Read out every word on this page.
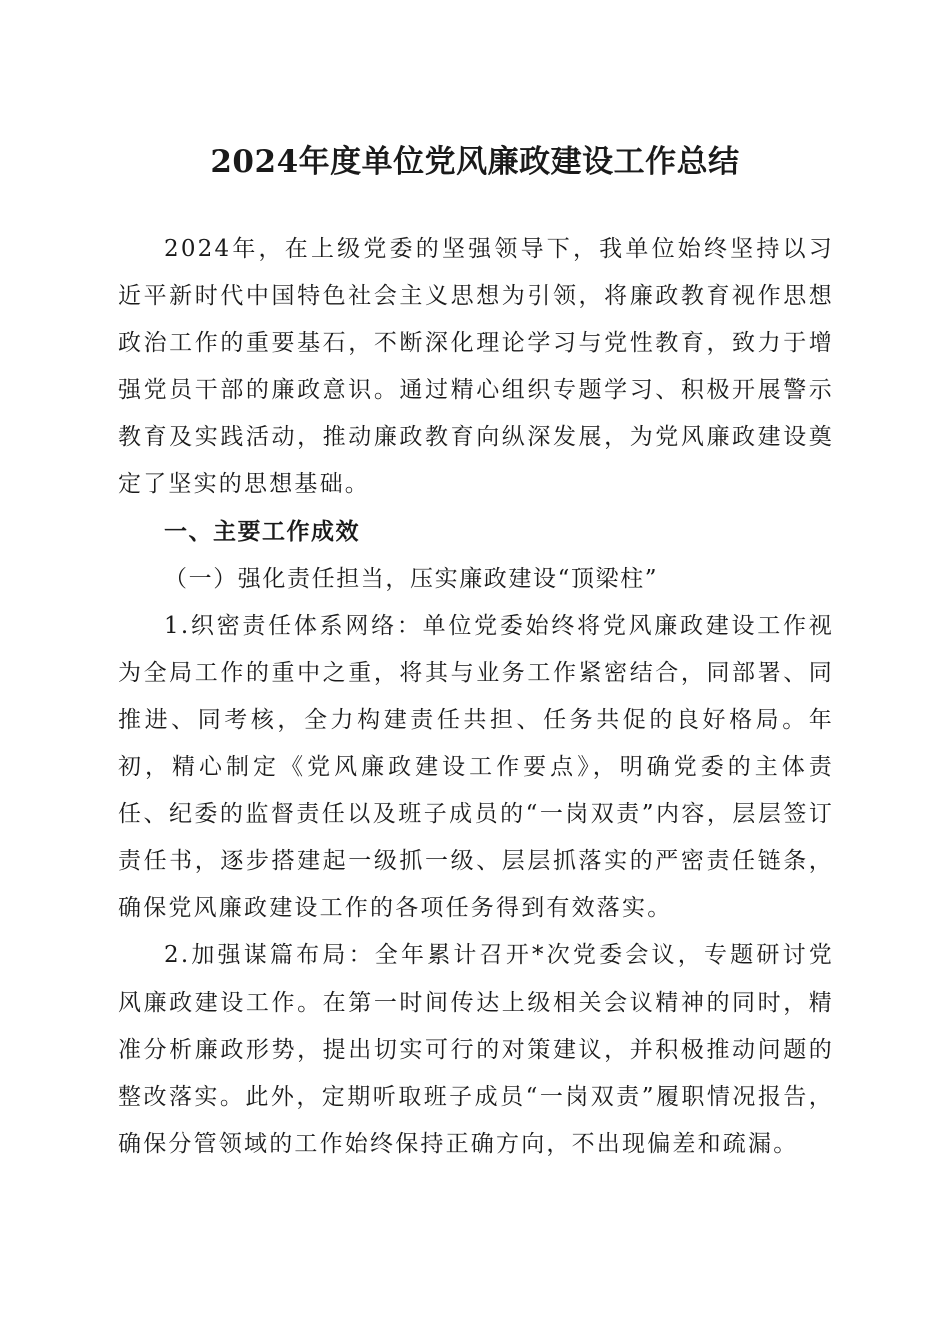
2024年度单位党风廉政建设工作总结

2024年，在上级党委的坚强领导下，我单位始终坚持以习近平新时代中国特色社会主义思想为引领，将廉政教育视作思想政治工作的重要基石，不断深化理论学习与党性教育，致力于增强党员干部的廉政意识。通过精心组织专题学习、积极开展警示教育及实践活动，推动廉政教育向纵深发展，为党风廉政建设奠定了坚实的思想基础。

一、主要工作成效

（一）强化责任担当，压实廉政建设“顶梁柱”

1.织密责任体系网络：单位党委始终将党风廉政建设工作视为全局工作的重中之重，将其与业务工作紧密结合，同部署、同推进、同考核，全力构建责任共担、任务共促的良好格局。年初，精心制定《党风廉政建设工作要点》，明确党委的主体责任、纪委的监督责任以及班子成员的“一岗双责”内容，层层签订责任书，逐步搭建起一级抓一级、层层抓落实的严密责任链条，确保党风廉政建设工作的各项任务得到有效落实。

2.加强谋篇布局：全年累计召开*次党委会议，专题研讨党风廉政建设工作。在第一时间传达上级相关会议精神的同时，精准分析廉政形势，提出切实可行的对策建议，并积极推动问题的整改落实。此外，定期听取班子成员“一岗双责”履职情况报告，确保分管领域的工作始终保持正确方向，不出现偏差和疏漏。
